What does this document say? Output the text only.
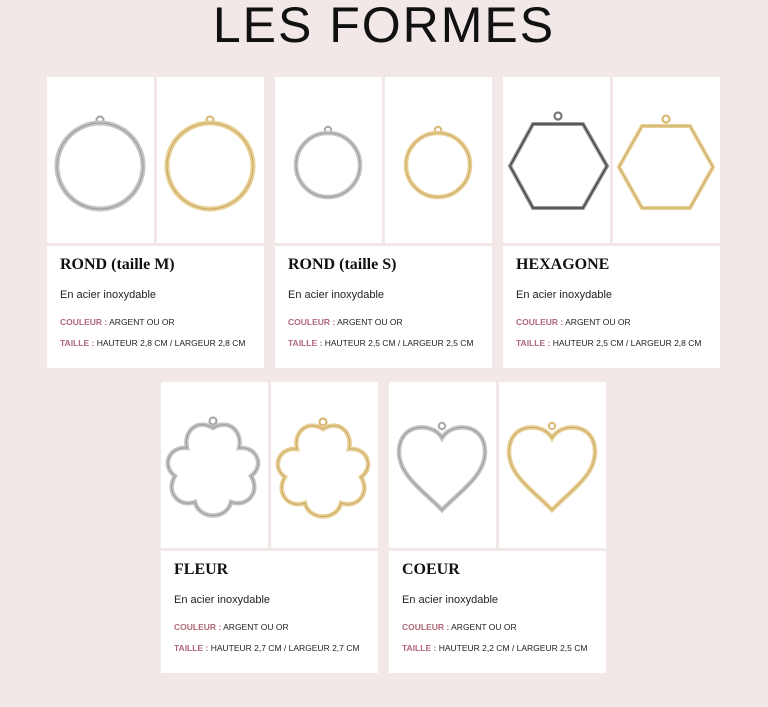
LES FORMES
ROND (taille M)
En acier inoxydable
COULEUR : ARGENT OU OR
TAILLE : HAUTEUR 2,8 CM / LARGEUR 2,8 CM
ROND (taille S)
En acier inoxydable
COULEUR : ARGENT OU OR
TAILLE : HAUTEUR 2,5 CM / LARGEUR 2,5 CM
HEXAGONE
En acier inoxydable
COULEUR : ARGENT OU OR
TAILLE : HAUTEUR 2,5 CM / LARGEUR 2,8 CM
FLEUR
En acier inoxydable
COULEUR : ARGENT OU OR
TAILLE : HAUTEUR 2,7 CM / LARGEUR 2,7 CM
COEUR
En acier inoxydable
COULEUR : ARGENT OU OR
TAILLE : HAUTEUR 2,2 CM / LARGEUR 2,5 CM
